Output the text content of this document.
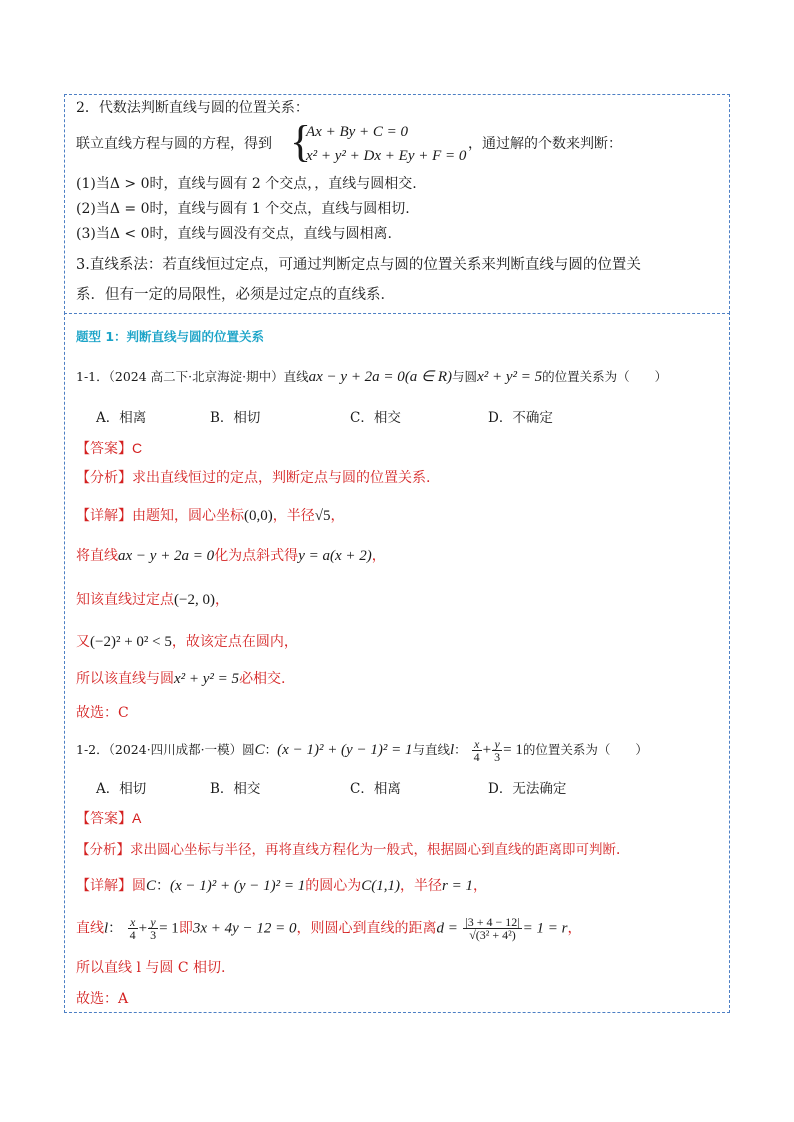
2．代数法判断直线与圆的位置关系：
联立直线方程与圆的方程，得到 {
Ax + By + C = 0
x² + y² + Dx + Ey + F = 0
，通过解的个数来判断：
(1)当Δ > 0时，直线与圆有 2 个交点，，直线与圆相交.
(2)当Δ = 0时，直线与圆有 1 个交点，直线与圆相切.
(3)当Δ < 0时，直线与圆没有交点，直线与圆相离.
3.直线系法：若直线恒过定点，可通过判断定点与圆的位置关系来判断直线与圆的位置关
系．但有一定的局限性，必须是过定点的直线系．
题型 1：判断直线与圆的位置关系
1-1．（2024 高二下·北京海淀·期中）直线ax − y + 2a = 0(a ∈ R)与圆x² + y² = 5的位置关系为（　　）
A．相离	B．相切	C．相交	D．不确定
【答案】C
【分析】求出直线恒过的定点，判断定点与圆的位置关系.
【详解】由题知，圆心坐标(0,0)，半径√5，
将直线ax − y + 2a = 0化为点斜式得y = a(x + 2)，
知该直线过定点(−2, 0)，
又(−2)² + 0² < 5，故该定点在圆内，
所以该直线与圆x² + y² = 5必相交.
故选：C
1-2．（2024·四川成都·一模）圆C：(x − 1)² + (y − 1)² = 1与直线l： $\frac{x}{4} + \frac{y}{3} = 1$的位置关系为（　　）
A．相切	B．相交	C．相离	D．无法确定
【答案】A
【分析】求出圆心坐标与半径，再将直线方程化为一般式，根据圆心到直线的距离即可判断.
【详解】圆C：(x − 1)² + (y − 1)² = 1的圆心为C(1,1)，半径r = 1，
直线l： $\frac{x}{4} + \frac{y}{3} = 1$即3x + 4y − 12 = 0，则圆心到直线的距离$d = \frac{|3 + 4 - 12|}{\text{√(3² + 4²)}} = 1 = r$，
所以直线 l 与圆 C 相切.
故选：A
